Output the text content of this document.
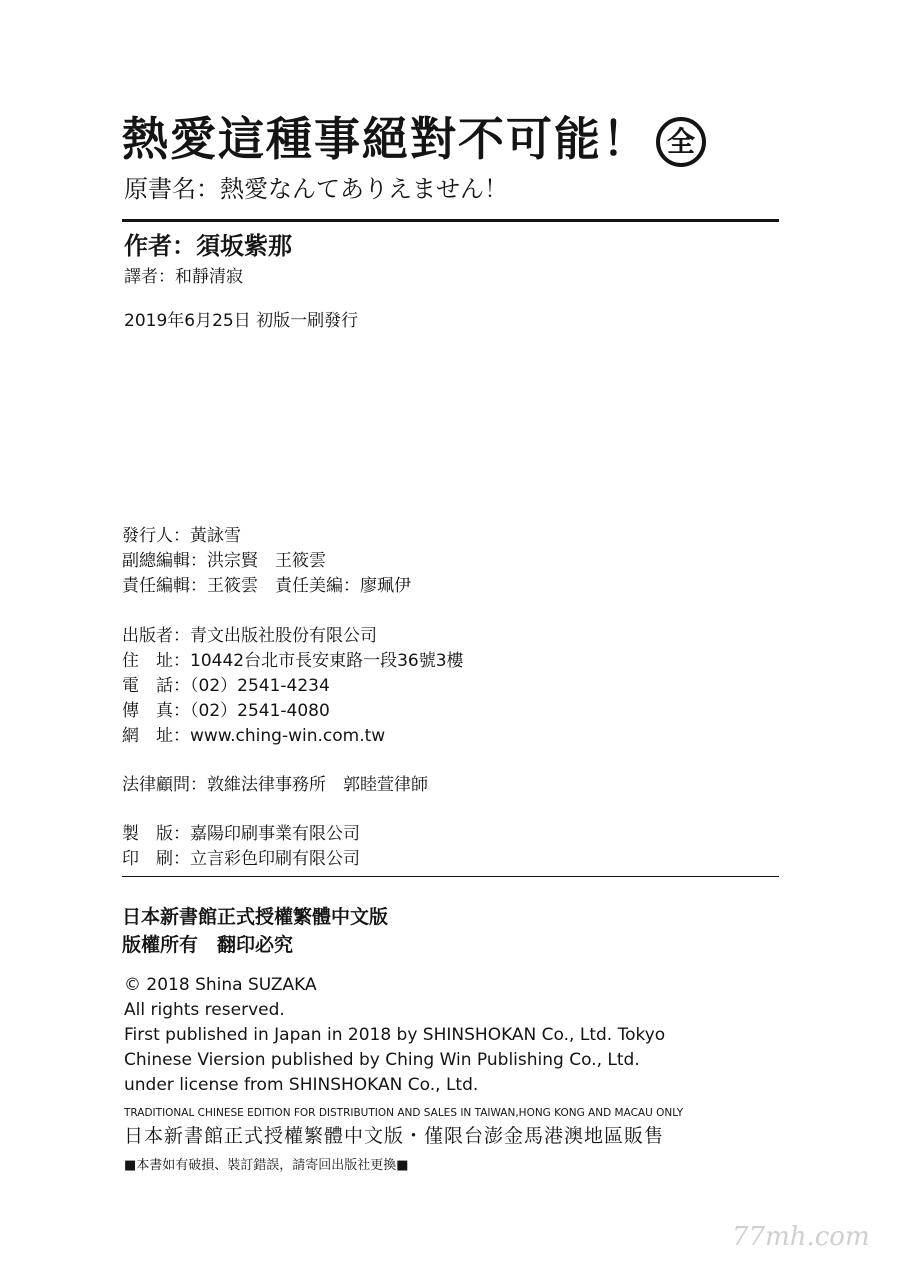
熱愛這種事絕對不可能！ 全
原書名：熱愛なんてありえません！
作者：須坂紫那
譯者：和靜清寂
2019年6月25日 初版一刷發行
發行人：黃詠雪
副總編輯：洪宗賢　王筱雲
責任編輯：王筱雲　責任美編：廖珮伊
出版者：青文出版社股份有限公司
住　址：10442台北市長安東路一段36號3樓
電　話：（02）2541-4234
傳　真：（02）2541-4080
網　址：www.ching-win.com.tw
法律顧問：敦維法律事務所　郭睦萱律師
製　版：嘉陽印刷事業有限公司
印　刷：立言彩色印刷有限公司
日本新書館正式授權繁體中文版
版權所有　翻印必究
© 2018 Shina SUZAKA
All rights reserved.
First published in Japan in 2018 by SHINSHOKAN Co., Ltd. Tokyo
Chinese Viersion published by Ching Win Publishing Co., Ltd.
under license from SHINSHOKAN Co., Ltd.
TRADITIONAL CHINESE EDITION FOR DISTRIBUTION AND SALES IN TAIWAN,HONG KONG AND MACAU ONLY
日本新書館正式授權繁體中文版・僅限台澎金馬港澳地區販售
■本書如有破損、裝訂錯誤，請寄回出版社更換■
77mh.com
